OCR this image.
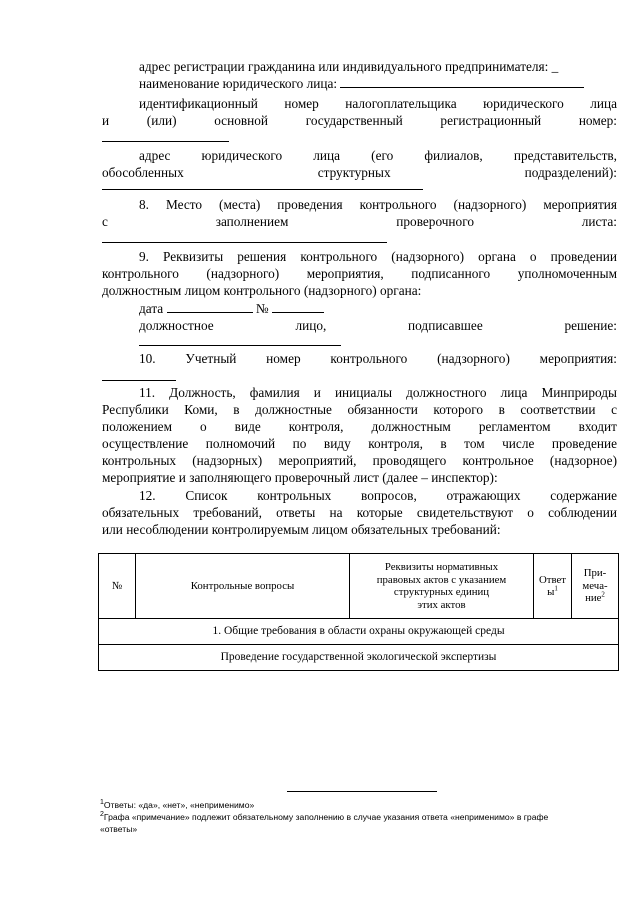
адрес регистрации гражданина или индивидуального предпринимателя: _
наименование юридического лица:
идентификационный номер налогоплательщика юридического лица
и (или) основной государственный регистрационный номер:
адрес юридического лица (его филиалов, представительств,
обособленных структурных подразделений):
8. Место (места) проведения контрольного (надзорного) мероприятия
с заполнением проверочного листа:
9. Реквизиты решения контрольного (надзорного) органа о проведении
контрольного (надзорного) мероприятия, подписанного уполномоченным
должностным лицом контрольного (надзорного) органа:
дата	№
должностное лицо, подписавшее решение:
10. Учетный номер контрольного (надзорного) мероприятия:
11. Должность, фамилия и инициалы должностного лица Минприроды
Республики Коми, в должностные обязанности которого в соответствии с
положением о виде контроля, должностным регламентом входит
осуществление полномочий по виду контроля, в том числе проведение
контрольных (надзорных) мероприятий, проводящего контрольное (надзорное)
мероприятие и заполняющего проверочный лист (далее – инспектор):
12. Список контрольных вопросов, отражающих содержание
обязательных требований, ответы на которые свидетельствуют о соблюдении
или несоблюдении контролируемым лицом обязательных требований:
№	Контрольные вопросы	Реквизиты нормативных
правовых актов с указанием
структурных единиц
этих актов	Ответ
$ы^1$	При-
меча-
ние$^2$
1. Общие требования в области охраны окружающей среды
Проведение государственной экологической экспертизы
$^1$Ответы: «да», «нет», «неприменимо»
$^2$Графа «примечание» подлежит обязательному заполнению в случае указания ответа «неприменимо» в графе
«ответы»
